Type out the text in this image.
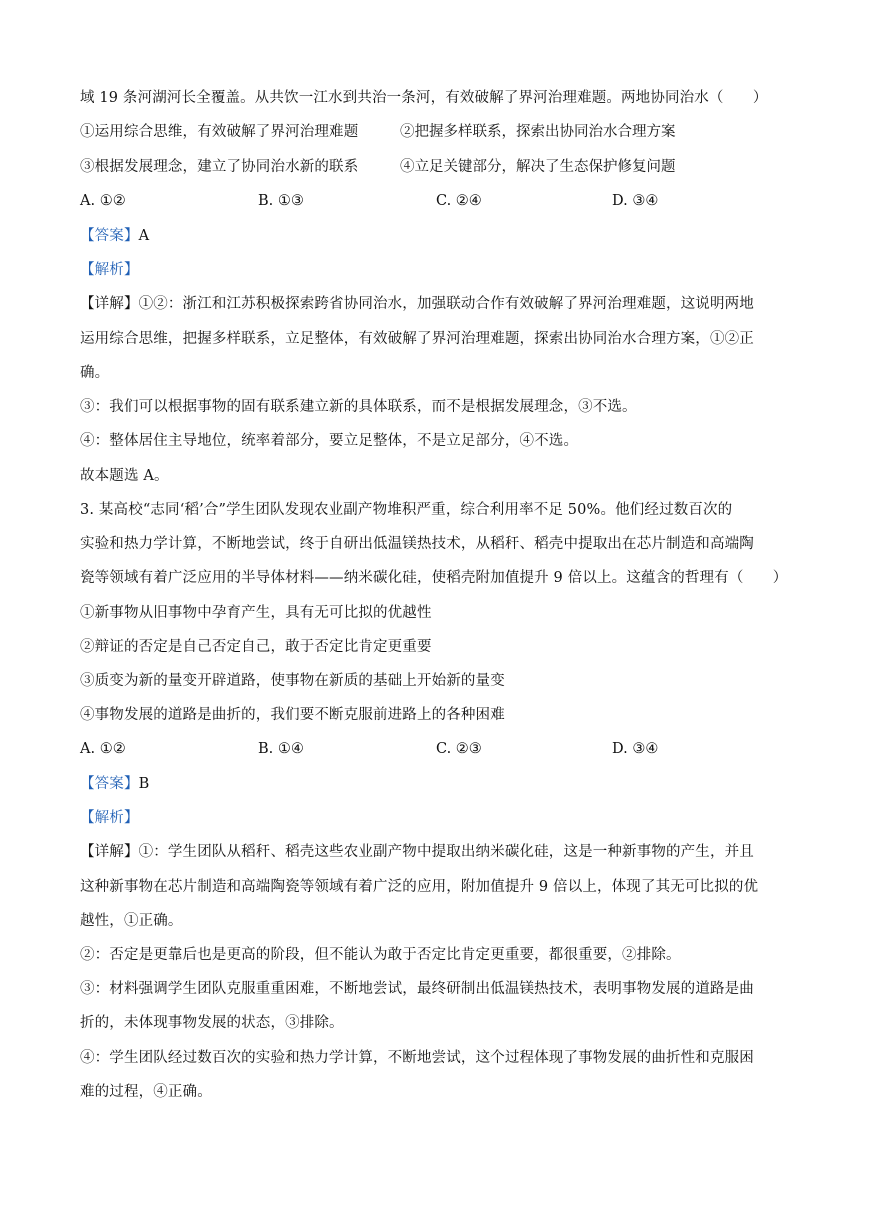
域 19 条河湖河长全覆盖。从共饮一江水到共治一条河，有效破解了界河治理难题。两地协同治水（　　）
①运用综合思维，有效破解了界河治理难题	②把握多样联系，探索出协同治水合理方案
③根据发展理念，建立了协同治水新的联系	④立足关键部分，解决了生态保护修复问题
A. ①②	B. ①③	C. ②④	D. ③④
【答案】A
【解析】
【详解】①②：浙江和江苏积极探索跨省协同治水，加强联动合作有效破解了界河治理难题，这说明两地
运用综合思维，把握多样联系，立足整体，有效破解了界河治理难题，探索出协同治水合理方案，①②正
确。
③：我们可以根据事物的固有联系建立新的具体联系，而不是根据发展理念，③不选。
④：整体居住主导地位，统率着部分，要立足整体，不是立足部分，④不选。
故本题选 A。
3. 某高校“志同‘稻’合”学生团队发现农业副产物堆积严重，综合利用率不足 50%。他们经过数百次的
实验和热力学计算，不断地尝试，终于自研出低温镁热技术，从稻秆、稻壳中提取出在芯片制造和高端陶
瓷等领域有着广泛应用的半导体材料——纳米碳化硅，使稻壳附加值提升 9 倍以上。这蕴含的哲理有（　　）
①新事物从旧事物中孕育产生，具有无可比拟的优越性
②辩证的否定是自己否定自己，敢于否定比肯定更重要
③质变为新的量变开辟道路，使事物在新质的基础上开始新的量变
④事物发展的道路是曲折的，我们要不断克服前进路上的各种困难
A. ①②	B. ①④	C. ②③	D. ③④
【答案】B
【解析】
【详解】①：学生团队从稻秆、稻壳这些农业副产物中提取出纳米碳化硅，这是一种新事物的产生，并且
这种新事物在芯片制造和高端陶瓷等领域有着广泛的应用，附加值提升 9 倍以上，体现了其无可比拟的优
越性，①正确。
②：否定是更靠后也是更高的阶段，但不能认为敢于否定比肯定更重要，都很重要，②排除。
③：材料强调学生团队克服重重困难，不断地尝试，最终研制出低温镁热技术，表明事物发展的道路是曲
折的，未体现事物发展的状态，③排除。
④：学生团队经过数百次的实验和热力学计算，不断地尝试，这个过程体现了事物发展的曲折性和克服困
难的过程，④正确。
